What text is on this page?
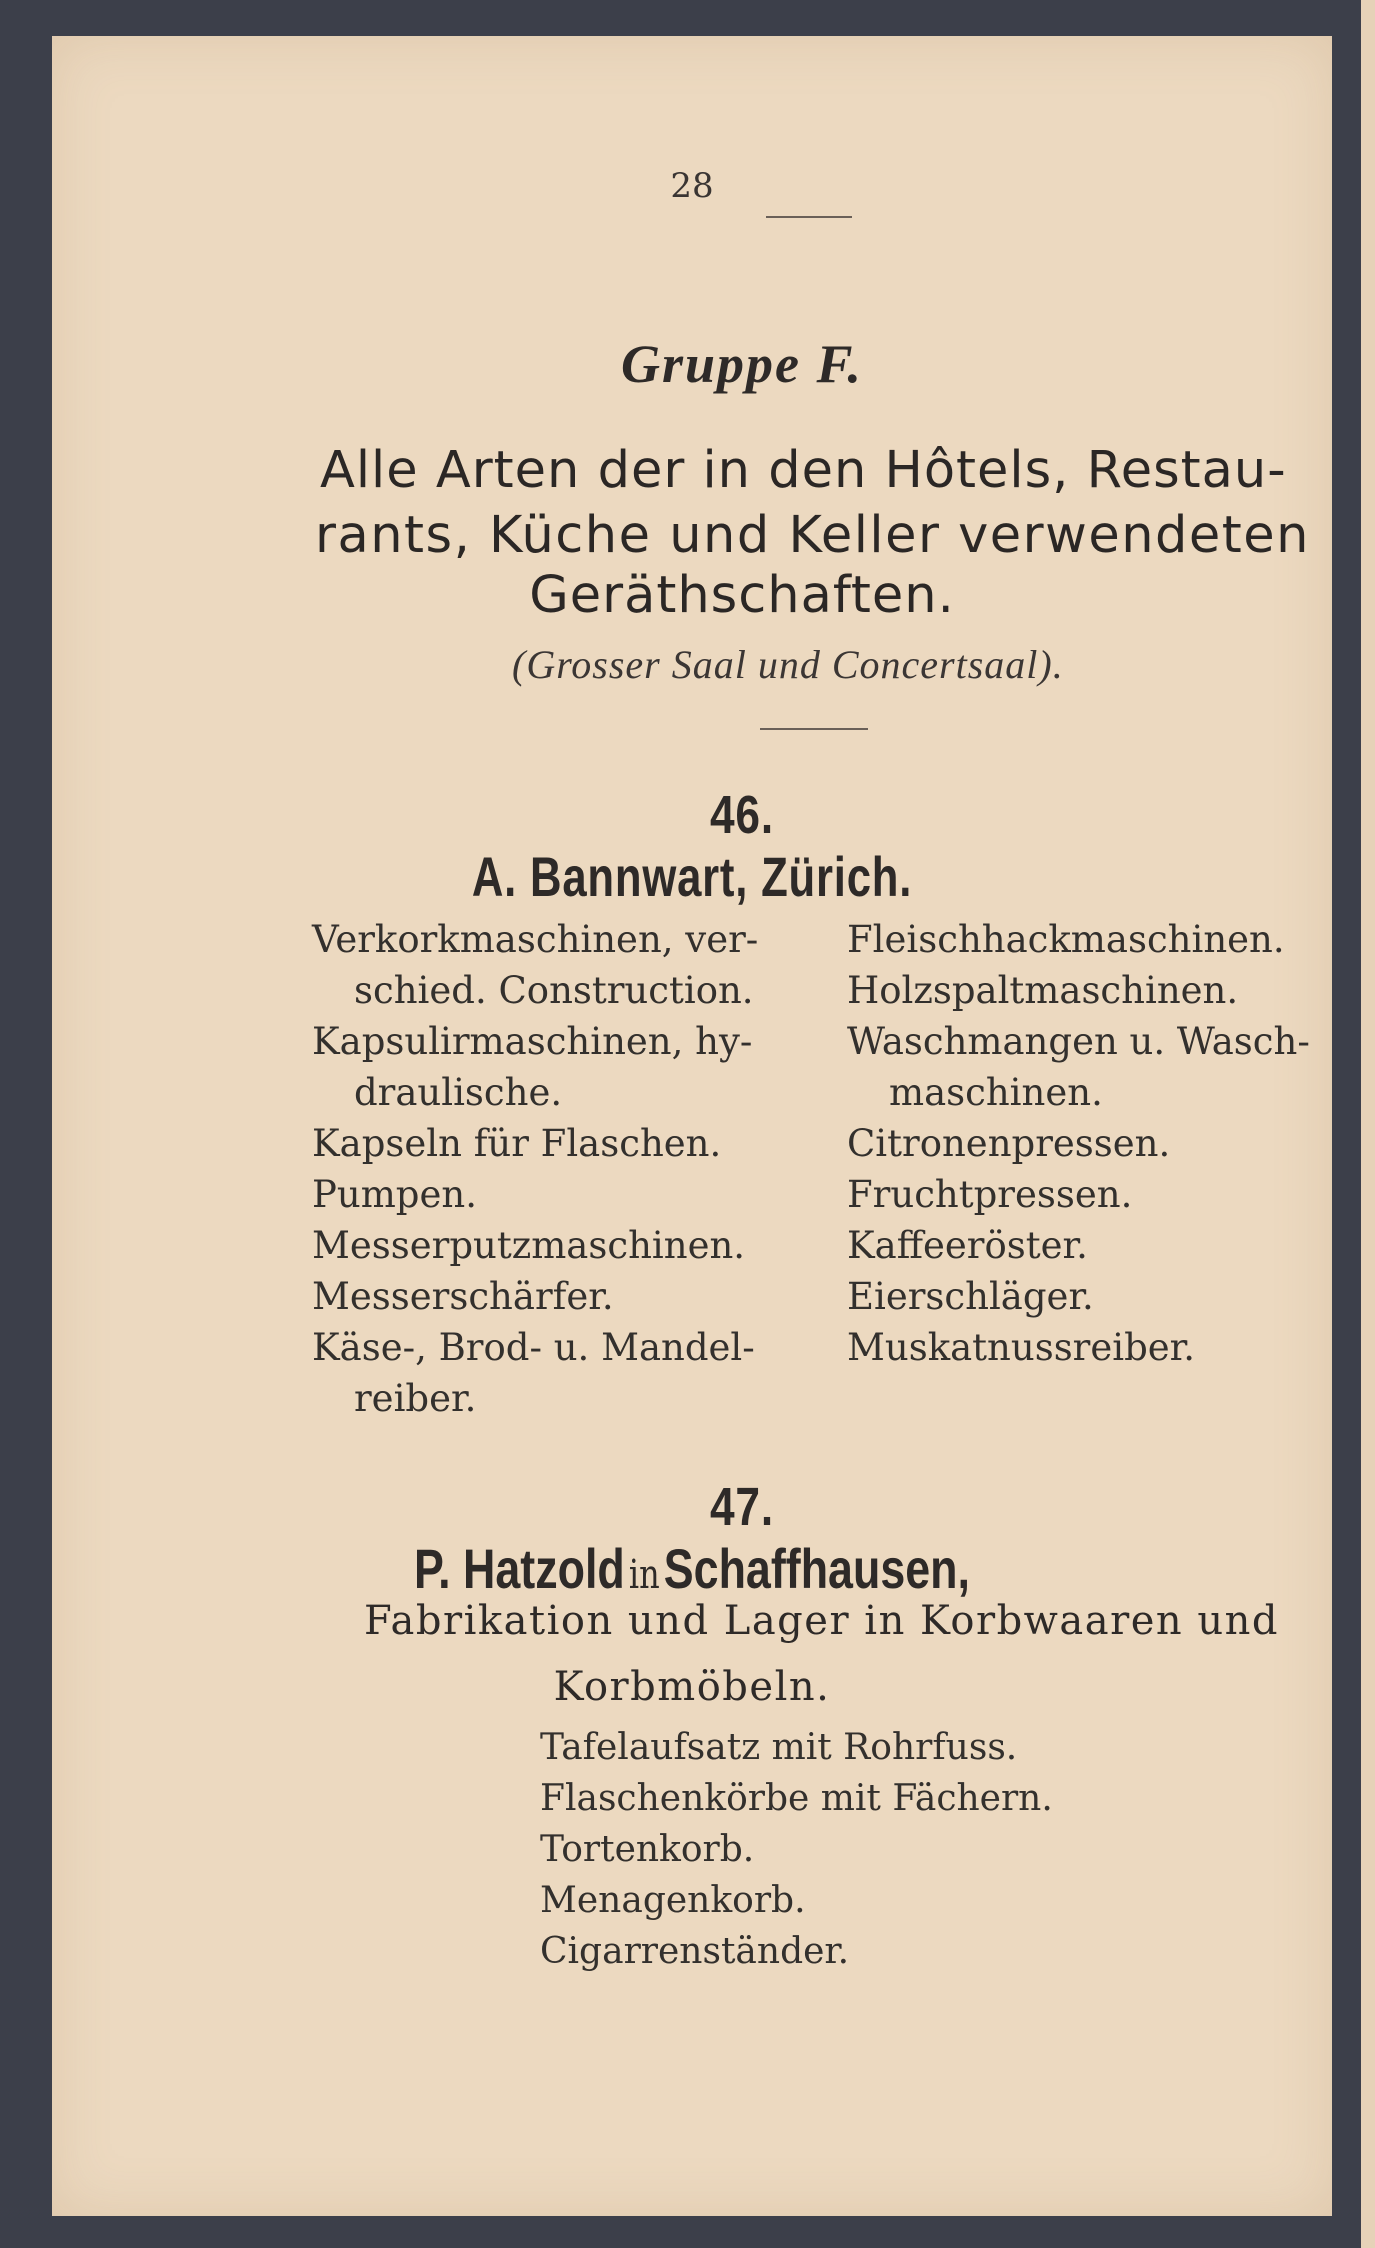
28

Gruppe F.

Alle Arten der in den Hôtels, Restau-

rants, Küche und Keller verwendeten

Geräthschaften.

(Grosser Saal und Concertsaal).

46.

A. Bannwart, Zürich.

Verkorkmaschinen, ver-

schied. Construction.

Kapsulirmaschinen, hy-

draulische.

Kapseln für Flaschen.

Pumpen.

Messerputzmaschinen.

Messerschärfer.

Käse-, Brod- u. Mandel-

reiber.

Fleischhackmaschinen.

Holzspaltmaschinen.

Waschmangen u. Wasch-

maschinen.

Citronenpressen.

Fruchtpressen.

Kaffeeröster.

Eierschläger.

Muskatnussreiber.

47.

P. Hatzold in Schaffhausen,

Fabrikation und Lager in Korbwaaren und

Korbmöbeln.

Tafelaufsatz mit Rohrfuss.

Flaschenkörbe mit Fächern.

Tortenkorb.

Menagenkorb.

Cigarrenständer.
